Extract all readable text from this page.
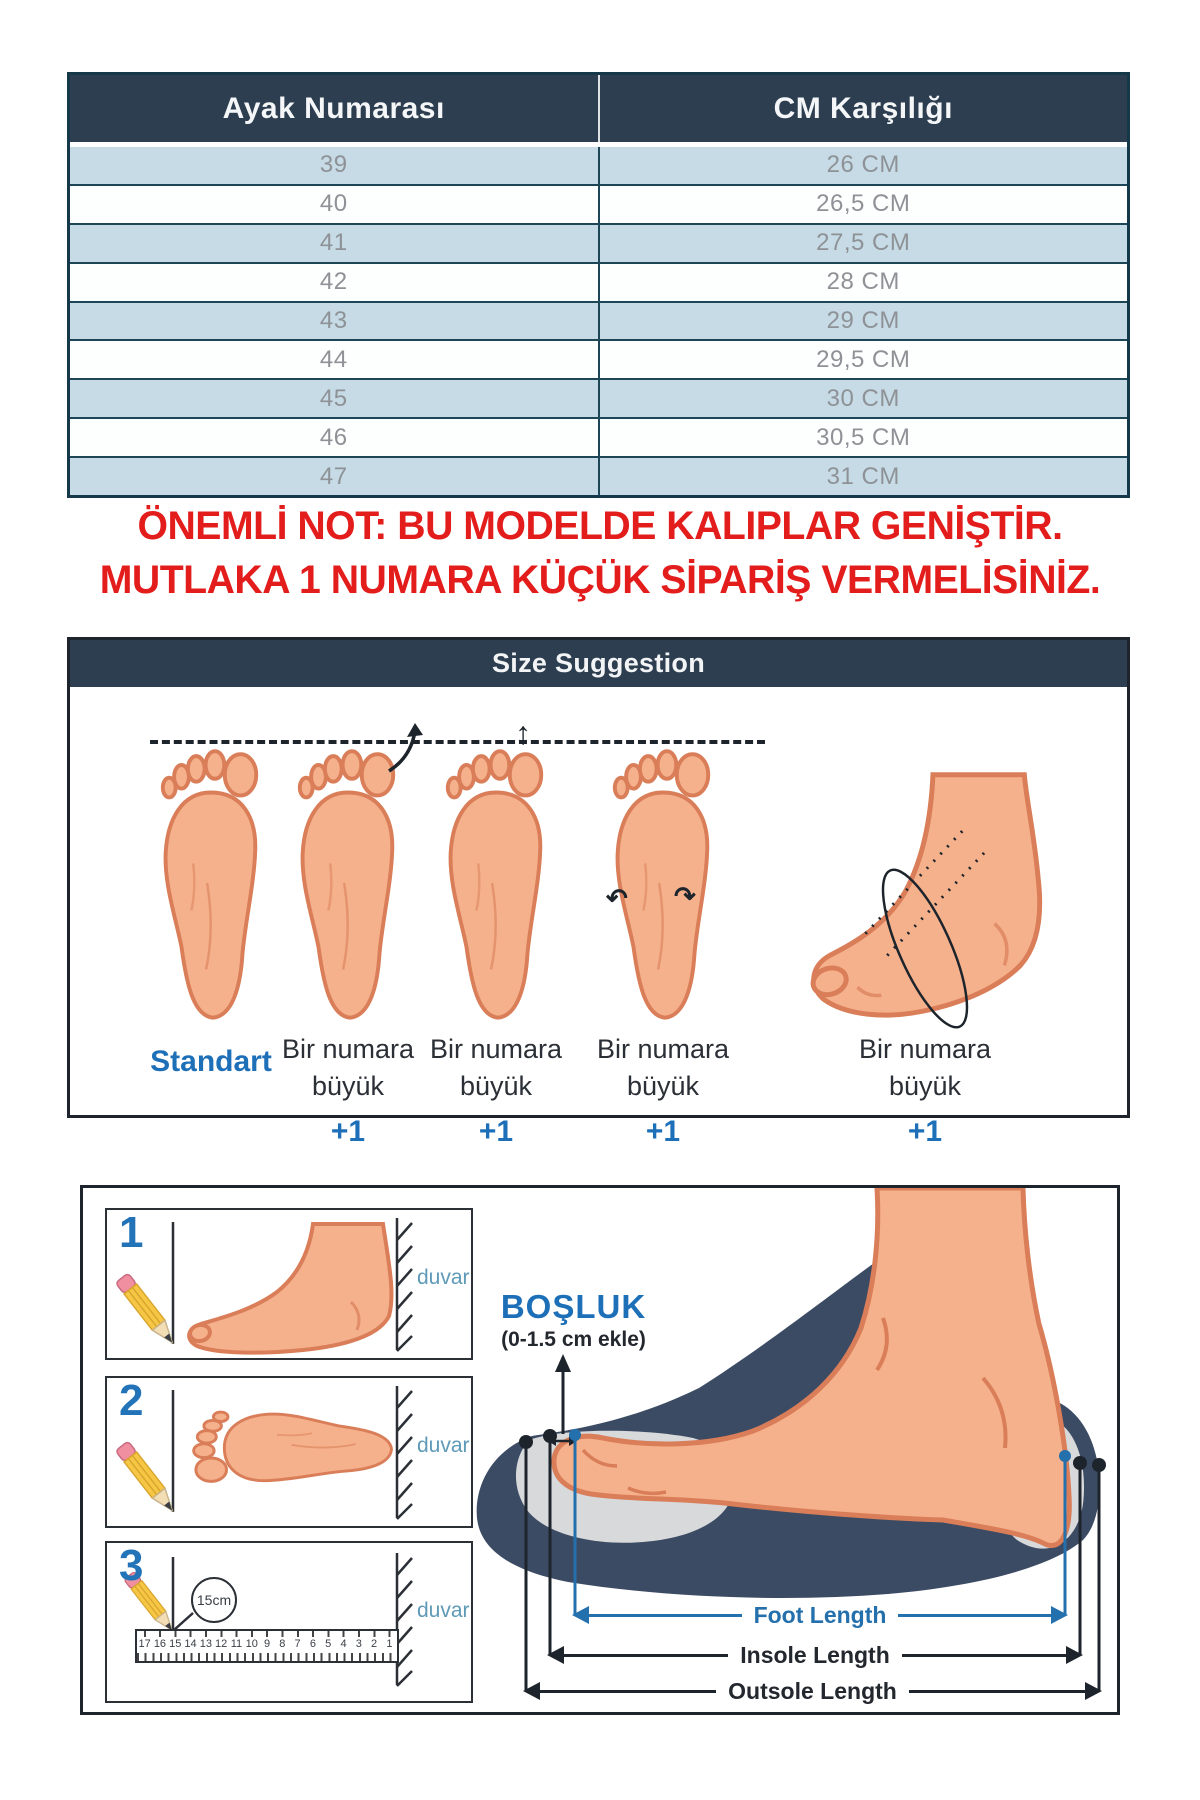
Ayak Numarası	CM Karşılığı
39	26 CM
40	26,5 CM
41	27,5 CM
42	28 CM
43	29 CM
44	29,5 CM
45	30 CM
46	30,5 CM
47	31 CM
ÖNEMLİ NOT: BU MODELDE KALIPLAR GENİŞTİR.
MUTLAKA 1 NUMARA KÜÇÜK SİPARİŞ VERMELİSİNİZ.
Size Suggestion
Standart Bir numara
büyük
+1
↕
Bir numara
büyük
+1
↶ ↷
Bir numara
büyük
+1
Bir numara
büyük
+1
1
duvar
2
duvar
3
15cm
17 16 15 14 13 12 11 10 9 8 7 6 5 4 3 2 1
duvar
BOŞLUK
(0-1.5 cm ekle)
Foot Length
Insole Length
Outsole Length
